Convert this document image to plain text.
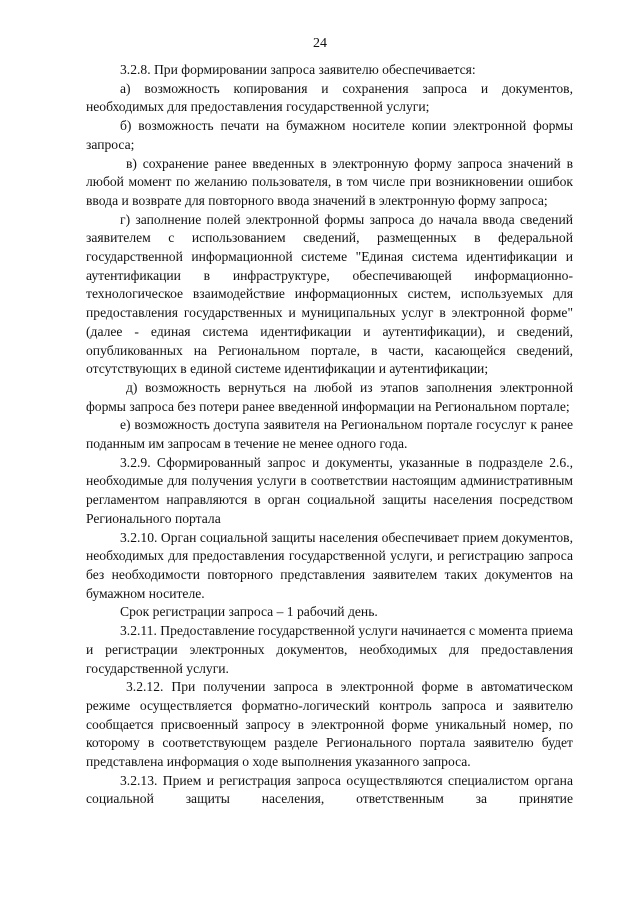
24

3.2.8. При формировании запроса заявителю обеспечивается:

а) возможность копирования и сохранения запроса и документов, необходимых для предоставления государственной услуги;

б) возможность печати на бумажном носителе копии электронной формы запроса;

в) сохранение ранее введенных в электронную форму запроса значений в любой момент по желанию пользователя, в том числе при возникновении ошибок ввода и возврате для повторного ввода значений в электронную форму запроса;

г) заполнение полей электронной формы запроса до начала ввода сведений заявителем с использованием сведений, размещенных в федеральной государственной информационной системе "Единая система идентификации и аутентификации в инфраструктуре, обеспечивающей информационно-технологическое взаимодействие информационных систем, используемых для предоставления государственных и муниципальных услуг в электронной форме" (далее - единая система идентификации и аутентификации), и сведений, опубликованных на Региональном портале, в части, касающейся сведений, отсутствующих в единой системе идентификации и аутентификации;

д) возможность вернуться на любой из этапов заполнения электронной формы запроса без потери ранее введенной информации на Региональном портале;

е) возможность доступа заявителя на Региональном портале госуслуг к ранее поданным им запросам в течение не менее одного года.

3.2.9. Сформированный запрос и документы, указанные в подразделе 2.6., необходимые для получения услуги в соответствии настоящим административным регламентом направляются в орган социальной защиты населения посредством Регионального портала

3.2.10. Орган социальной защиты населения обеспечивает прием документов, необходимых для предоставления государственной услуги, и регистрацию запроса без необходимости повторного представления заявителем таких документов на бумажном носителе.

Срок регистрации запроса – 1 рабочий день.

3.2.11. Предоставление государственной услуги начинается с момента приема и регистрации электронных документов, необходимых для предоставления государственной услуги.

3.2.12. При получении запроса в электронной форме в автоматическом режиме осуществляется форматно-логический контроль запроса и заявителю сообщается присвоенный запросу в электронной форме уникальный номер, по которому в соответствующем разделе Регионального портала заявителю будет представлена информация о ходе выполнения указанного запроса.

3.2.13. Прием и регистрация запроса осуществляются специалистом органа социальной защиты населения, ответственным за принятие
